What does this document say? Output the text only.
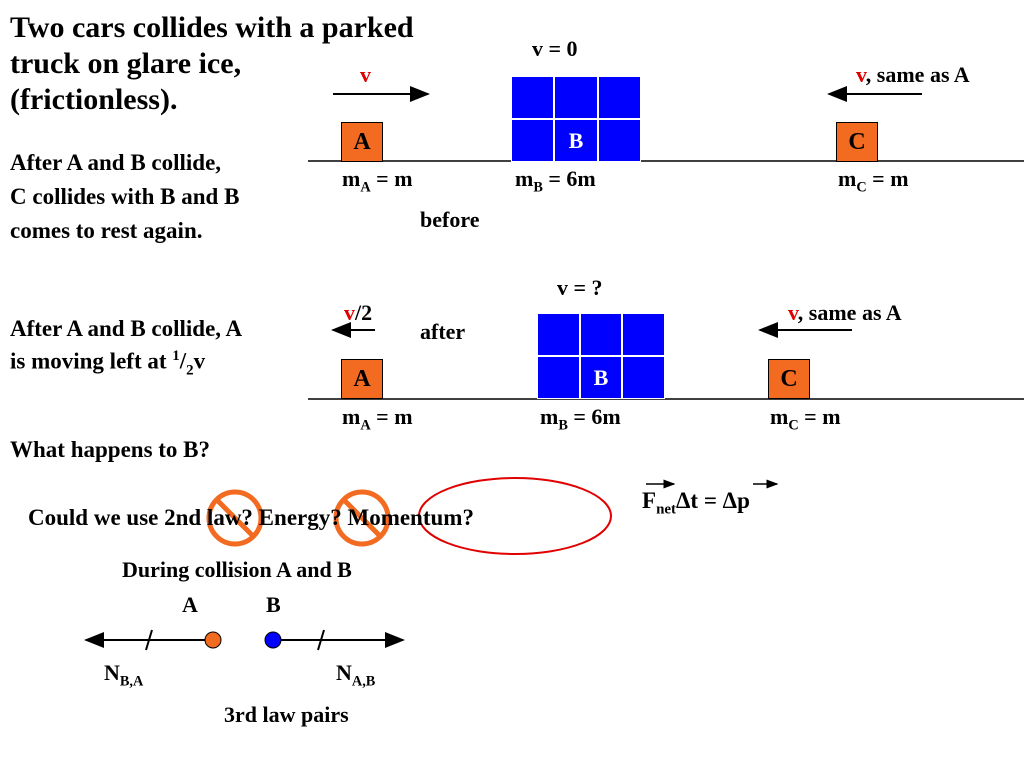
Two cars collides with a parked
truck on glare ice,
(frictionless).
After A and B collide,
C collides with B and B
comes to rest again.
After A and B collide, A
is moving left at $^1/_2v$
What happens to B?
v = 0
v	v, same as A
A	B	C
$m_A = m$	$m_B = 6m$	$m_C = m$
before
v = ?
v/2	v, same as A
after
A	B	C
$m_A = m$	$m_B = 6m$	$m_C = m$
Could we use 2nd law? Energy? Momentum?
$F_{net}\Delta t = \Delta p$
During collision A and B
A	B
$N_{B,A}$	$N_{A,B}$
3rd law pairs
